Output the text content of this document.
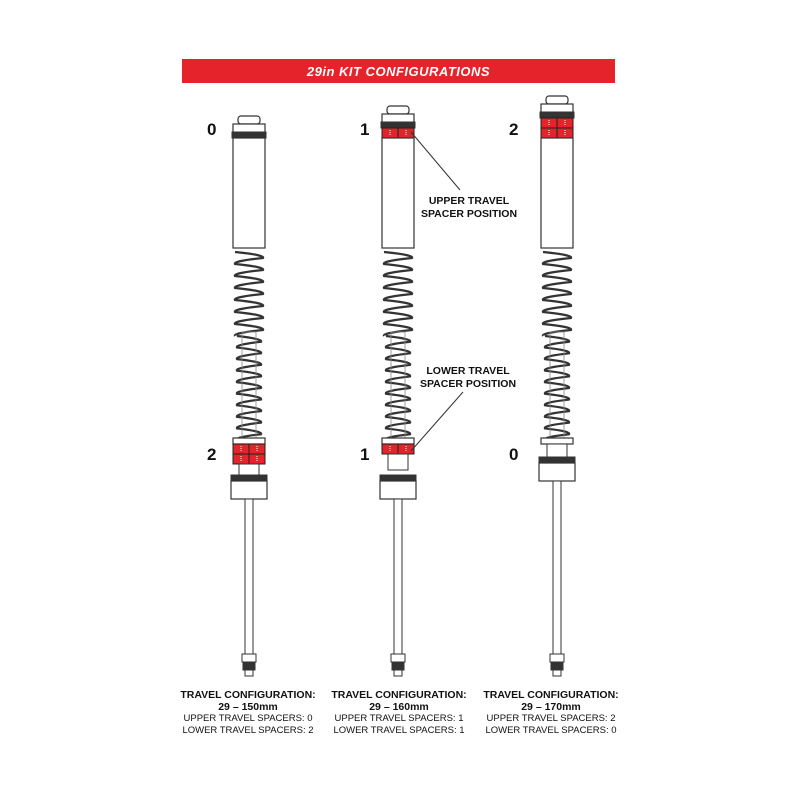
29in KIT CONFIGURATIONS
0
2
1
1
2
0
UPPER TRAVEL
SPACER POSITION
LOWER TRAVEL
SPACER POSITION
TRAVEL CONFIGURATION:
29 – 150mm
UPPER TRAVEL SPACERS: 0
LOWER TRAVEL SPACERS: 2
TRAVEL CONFIGURATION:
29 – 160mm
UPPER TRAVEL SPACERS: 1
LOWER TRAVEL SPACERS: 1
TRAVEL CONFIGURATION:
29 – 170mm
UPPER TRAVEL SPACERS: 2
LOWER TRAVEL SPACERS: 0
